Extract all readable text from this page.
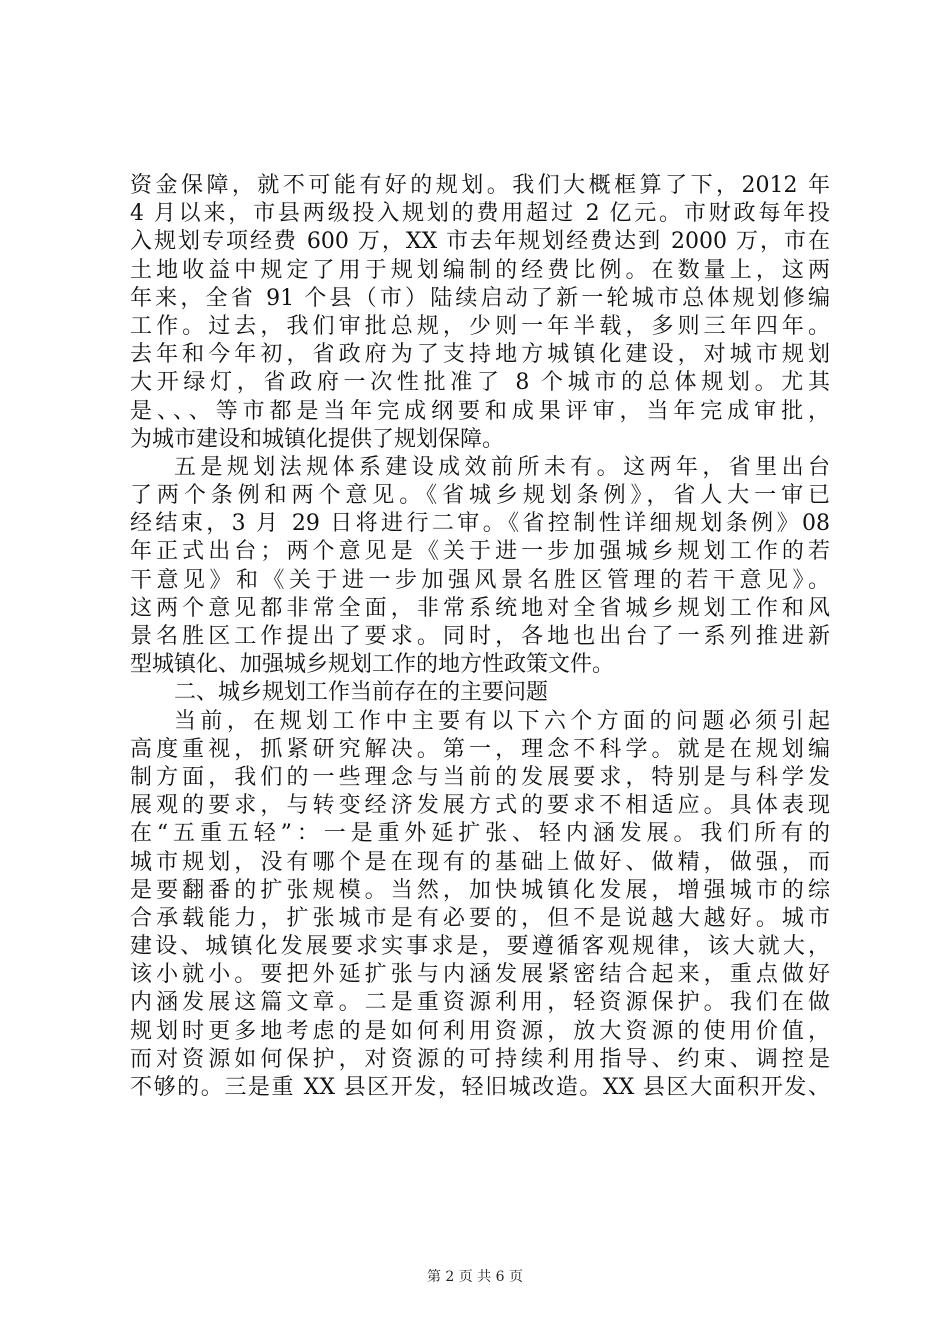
资金保障，就不可能有好的规划。我们大概框算了下，2012 年
4 月以来，市县两级投入规划的费用超过 2 亿元。市财政每年投
入规划专项经费 600 万，XX 市去年规划经费达到 2000 万，市在
土地收益中规定了用于规划编制的经费比例。在数量上，这两
年来，全省 91 个县（市）陆续启动了新一轮城市总体规划修编
工作。过去，我们审批总规，少则一年半载，多则三年四年。
去年和今年初，省政府为了支持地方城镇化建设，对城市规划
大开绿灯，省政府一次性批准了 8 个城市的总体规划。尤其
是、、、等市都是当年完成纲要和成果评审，当年完成审批，
为城市建设和城镇化提供了规划保障。
五是规划法规体系建设成效前所未有。这两年，省里出台
了两个条例和两个意见。《省城乡规划条例》，省人大一审已
经结束，3 月 29 日将进行二审。《省控制性详细规划条例》08
年正式出台；两个意见是《关于进一步加强城乡规划工作的若
干意见》和《关于进一步加强风景名胜区管理的若干意见》。
这两个意见都非常全面，非常系统地对全省城乡规划工作和风
景名胜区工作提出了要求。同时，各地也出台了一系列推进新
型城镇化、加强城乡规划工作的地方性政策文件。
二、城乡规划工作当前存在的主要问题
当前，在规划工作中主要有以下六个方面的问题必须引起
高度重视，抓紧研究解决。第一，理念不科学。就是在规划编
制方面，我们的一些理念与当前的发展要求，特别是与科学发
展观的要求，与转变经济发展方式的要求不相适应。具体表现
在“五重五轻”：一是重外延扩张、轻内涵发展。我们所有的
城市规划，没有哪个是在现有的基础上做好、做精，做强，而
是要翻番的扩张规模。当然，加快城镇化发展，增强城市的综
合承载能力，扩张城市是有必要的，但不是说越大越好。城市
建设、城镇化发展要求实事求是，要遵循客观规律，该大就大，
该小就小。要把外延扩张与内涵发展紧密结合起来，重点做好
内涵发展这篇文章。二是重资源利用，轻资源保护。我们在做
规划时更多地考虑的是如何利用资源，放大资源的使用价值，
而对资源如何保护，对资源的可持续利用指导、约束、调控是
不够的。三是重 XX 县区开发，轻旧城改造。XX 县区大面积开发、
第 2 页 共 6 页
